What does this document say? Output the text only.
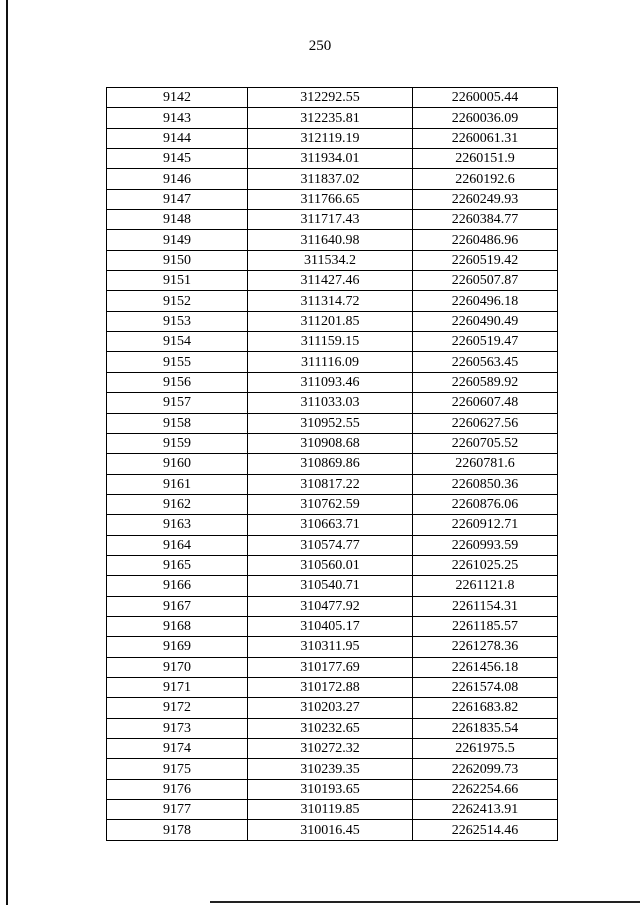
250
9142	312292.55	2260005.44
9143	312235.81	2260036.09
9144	312119.19	2260061.31
9145	311934.01	2260151.9
9146	311837.02	2260192.6
9147	311766.65	2260249.93
9148	311717.43	2260384.77
9149	311640.98	2260486.96
9150	311534.2	2260519.42
9151	311427.46	2260507.87
9152	311314.72	2260496.18
9153	311201.85	2260490.49
9154	311159.15	2260519.47
9155	311116.09	2260563.45
9156	311093.46	2260589.92
9157	311033.03	2260607.48
9158	310952.55	2260627.56
9159	310908.68	2260705.52
9160	310869.86	2260781.6
9161	310817.22	2260850.36
9162	310762.59	2260876.06
9163	310663.71	2260912.71
9164	310574.77	2260993.59
9165	310560.01	2261025.25
9166	310540.71	2261121.8
9167	310477.92	2261154.31
9168	310405.17	2261185.57
9169	310311.95	2261278.36
9170	310177.69	2261456.18
9171	310172.88	2261574.08
9172	310203.27	2261683.82
9173	310232.65	2261835.54
9174	310272.32	2261975.5
9175	310239.35	2262099.73
9176	310193.65	2262254.66
9177	310119.85	2262413.91
9178	310016.45	2262514.46
